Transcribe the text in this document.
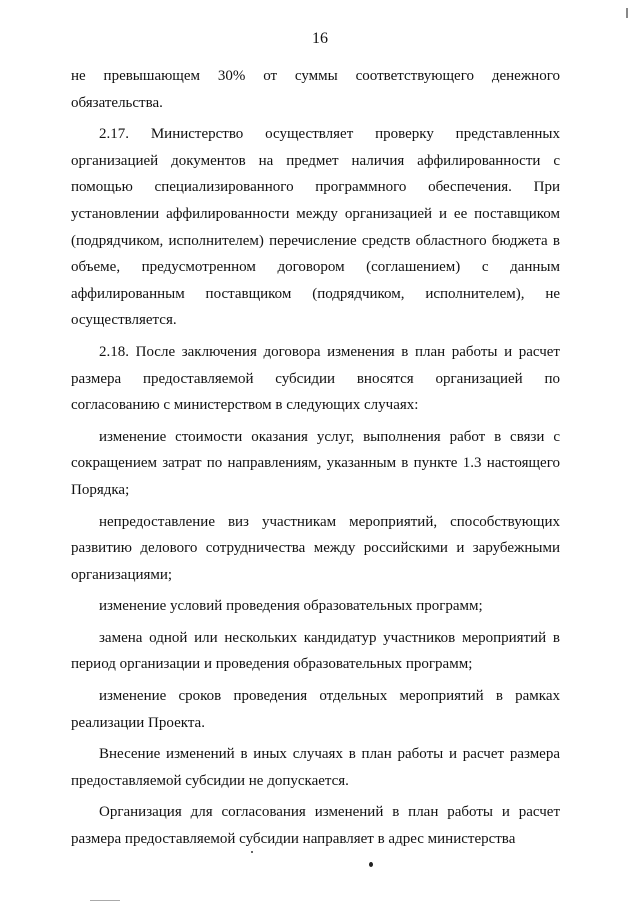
16

не превышающем 30% от суммы соответствующего денежного обязательства.

2.17. Министерство осуществляет проверку представленных организацией документов на предмет наличия аффилированности с помощью специализированного программного обеспечения. При установлении аффилированности между организацией и ее поставщиком (подрядчиком, исполнителем) перечисление средств областного бюджета в объеме, предусмотренном договором (соглашением) с данным аффилированным поставщиком (подрядчиком, исполнителем), не осуществляется.

2.18. После заключения договора изменения в план работы и расчет размера предоставляемой субсидии вносятся организацией по согласованию с министерством в следующих случаях:

изменение стоимости оказания услуг, выполнения работ в связи с сокращением затрат по направлениям, указанным в пункте 1.3 настоящего Порядка;

непредоставление виз участникам мероприятий, способствующих развитию делового сотрудничества между российскими и зарубежными организациями;

изменение условий проведения образовательных программ;

замена одной или нескольких кандидатур участников мероприятий в период организации и проведения образовательных программ;

изменение сроков проведения отдельных мероприятий в рамках реализации Проекта.

Внесение изменений в иных случаях в план работы и расчет размера предоставляемой субсидии не допускается.

Организация для согласования изменений в план работы и расчет размера предоставляемой субсидии направляет в адрес министерства
